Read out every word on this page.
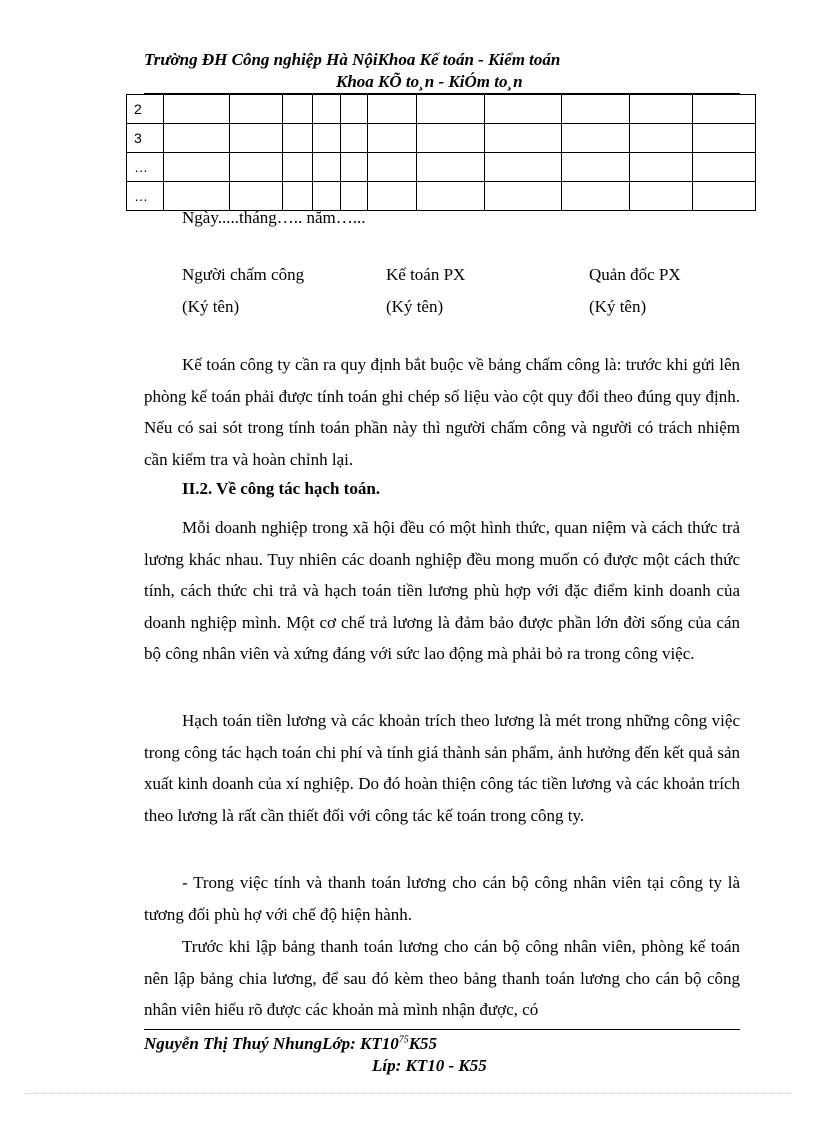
Trường ĐH Công nghiệp Hà NộiKhoa Kế toán - Kiểm toán
Khoa KÕ to¸n - KiÓm to¸n
2											
3											
…											
…											
Ngày.....tháng….. năm…...
Người chấm công	Kế toán PX	Quản đốc PX
(Ký tên)	(Ký tên)	(Ký tên)

Kế toán công ty cần ra quy định bắt buộc về bảng chấm công là: trước khi gửi lên phòng kế toán phải được tính toán ghi chép số liệu vào cột quy đổi theo đúng quy định. Nếu có sai sót trong tính toán phần này thì người chấm công và người có trách nhiệm cần kiểm tra và hoàn chỉnh lại.

II.2. Về công tác hạch toán.

Mỗi doanh nghiệp trong xã hội đều có một hình thức, quan niệm và cách thức trả lương khác nhau. Tuy nhiên các doanh nghiệp đều mong muốn có được một cách thức tính, cách thức chi trả và hạch toán tiền lương phù hợp với đặc điểm kinh doanh của doanh nghiệp mình. Một cơ chế trả lương là đảm bảo được phần lớn đời sống của cán bộ công nhân viên và xứng đáng với sức lao động mà phải bỏ ra trong công việc.

Hạch toán tiền lương và các khoản trích theo lương là mét trong những công việc trong công tác hạch toán chi phí và tính giá thành sản phẩm, ảnh hưởng đến kết quả sản xuất kinh doanh của xí nghiệp. Do đó hoàn thiện công tác tiền lương và các khoản trích theo lương là rất cần thiết đối với công tác kế toán trong công ty.

- Trong việc tính và thanh toán lương cho cán bộ công nhân viên tại công ty là tương đối phù hợ với chế độ hiện hành.

Trước khi lập bảng thanh toán lương cho cán bộ công nhân viên, phòng kế toán nên lập bảng chia lương, để sau đó kèm theo bảng thanh toán lương cho cán bộ công nhân viên hiểu rõ được các khoản mà mình nhận được, có

Nguyễn Thị Thuý NhungLớp: $KT10^{75}K55$
Líp: KT10 - K55
